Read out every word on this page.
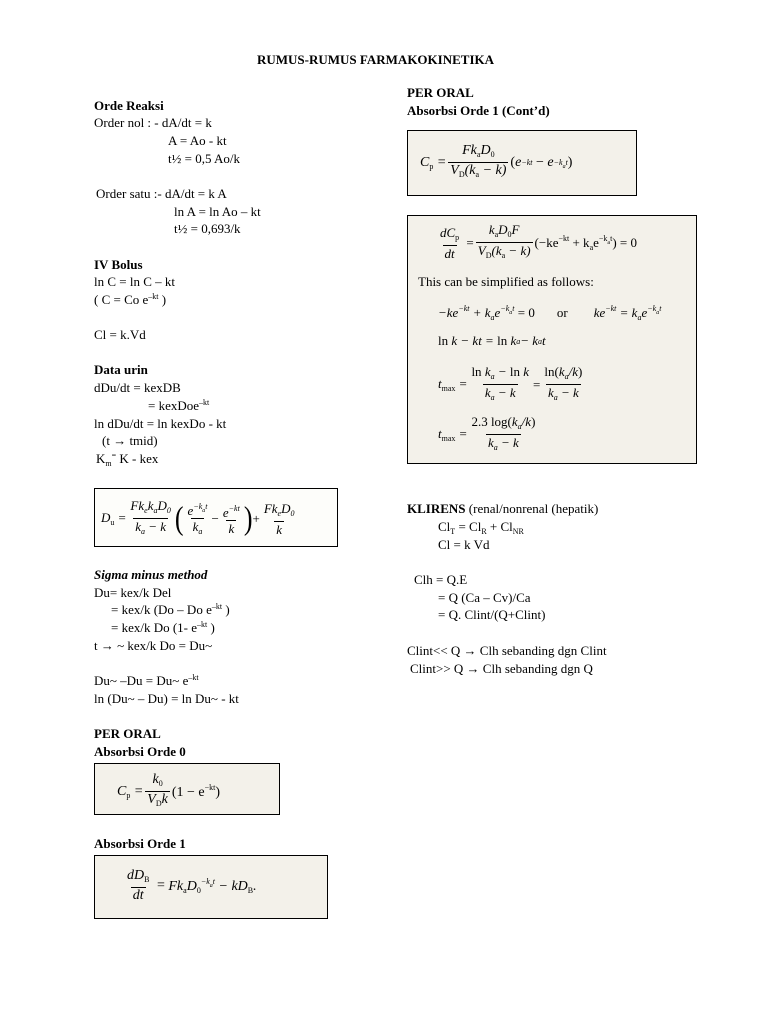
RUMUS-RUMUS FARMAKOKINETIKA
Orde Reaksi
Order nol : - dA/dt = k
A = Ao - kt
t½ = 0,5 Ao/k
Order satu :- dA/dt = k A
ln A = ln Ao – kt
t½ = 0,693/k
IV Bolus
ln C = ln C – kt
( C = Co $e^{-kt}$ )
Cl = k.Vd
Data urin
dDu/dt = kexDB
= kexDoe$^{-kt}$
ln dDu/dt = ln kexDo - kt
(t → tmid)
$K_m^=$ K - kex
$D_u = \frac{Fk_ek_aD_0}{k_a - k}$ ( $\frac{e^{-k_at}}{k_a} - \frac{e^{-kt}}{k}$ ) + $\frac{Fk_eD_0}{k}$
Sigma minus method
Du= kex/k Del
= kex/k (Do – Do $e^{-kt}$ )
= kex/k Do (1- $e^{-kt}$ )
t → ~ kex/k Do = Du~
Du~ –Du = Du~ $e^{-kt}$
ln (Du~ – Du) = ln Du~ - kt
PER ORAL
Absorbsi Orde 0
$C_p = \frac{k_0}{V_Dk} (1 - e^{-kt})$
Absorbsi Orde 1
$\frac{dD_B}{dt} = Fk_aD_0^{-k_at} - kD_B$.
PER ORAL
Absorbsi Orde 1 (Cont’d)
$C_p = \frac{Fk_aD_0}{V_D(k_a - k)}$ ( $e -kt - e -k_at$ )
$\frac{dC_p}{dt} = \frac{k_aD_0F}{V_D(k_a - k)} (-ke^{-kt} + k_ae^{-k_at}) = 0$
This can be simplified as follows:
$-ke^{-kt} + k_ae^{-k_at} = 0$ or $ke^{-kt} = k_ae^{-k_at}$
ln k − kt = ln k a − k a t
$t_{max} = \frac{\ln k_a - \ln k}{k_a - k} = \frac{\ln(k_a/k)}{k_a - k}$
$t_{max} = \frac{2.3 \log(k_a/k)}{k_a - k}$
KLIRENS (renal/nonrenal (hepatik)
$Cl_T = Cl_R + Cl_{NR}$
Cl = k Vd
Clh = Q.E
= Q (Ca – Cv)/Ca
= Q. Clint/(Q+Clint)
Clint<< Q → Clh sebanding dgn Clint
Clint>> Q → Clh sebanding dgn Q
